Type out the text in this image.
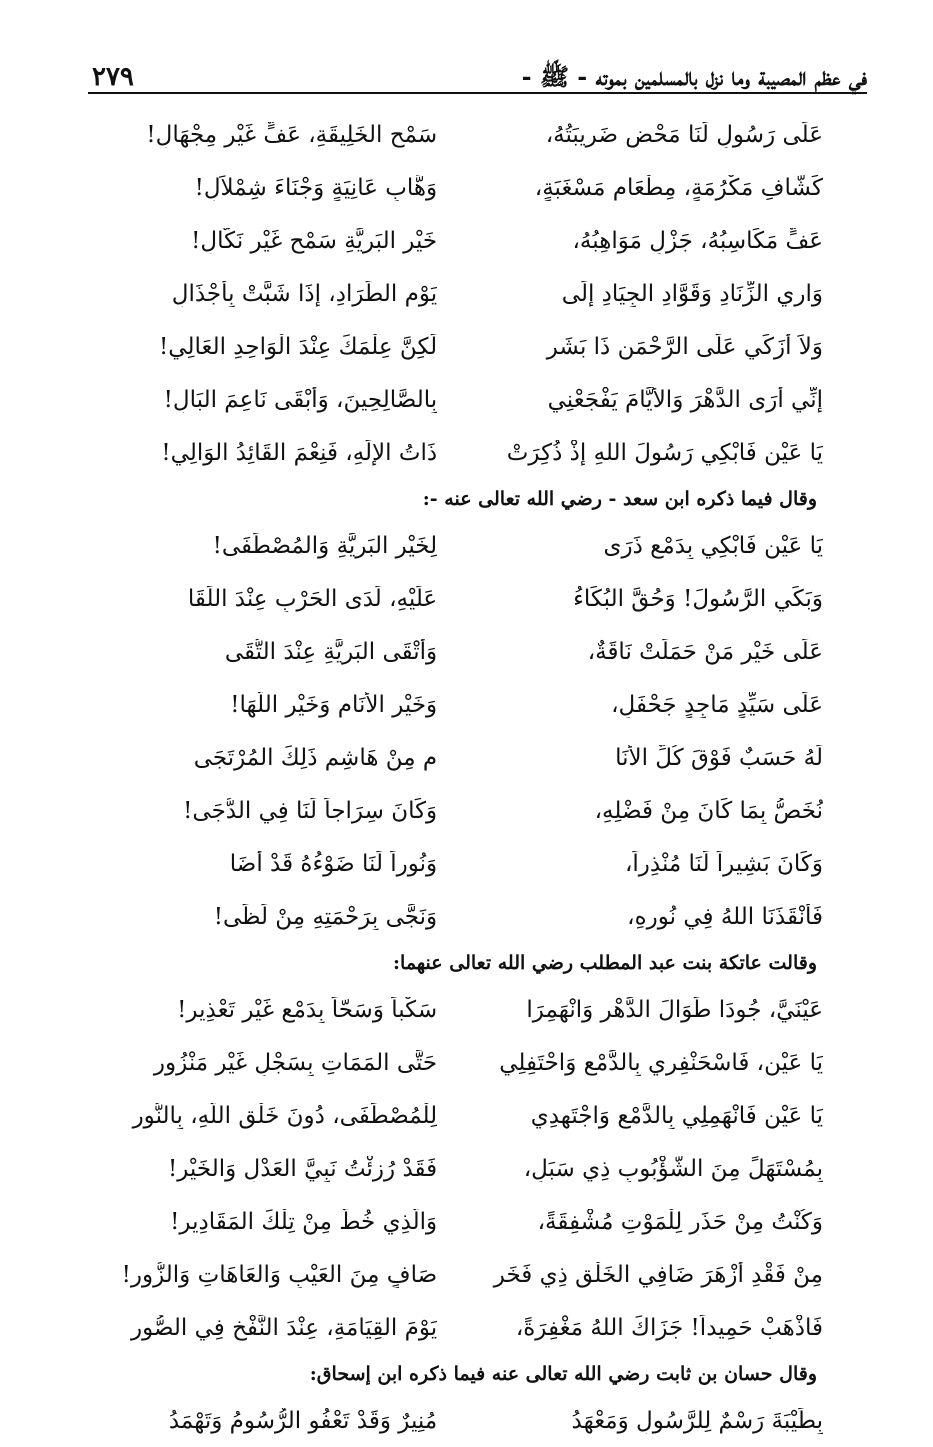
٢٧٩	في عظم المصيبة وما نزل بالمسلمين بموته - ﷺ -
عَلَى رَسُولٍ لَنَا مَحْضٍ ضَرِيبَتُهُ،
سَمْحِ الخَلِيقَةِ، عَفٍّ غَيْرِ مِجْهَالِ!
كَشَّافِ مَكْرُمَةٍ، مِطْعَامِ مَسْغَبَةٍ،
وَهَّابِ عَانِيَةٍ وَجْنَاءَ شِمْلاَلِ!
عَفٍّ مَكَاسِبُهُ، جَزْلٍ مَوَاهِبُهُ،
خَيْرِ البَرِيَّةِ سَمْحٍ غَيْرِ نَكَّالِ!
وَارِي الزِّنَادِ وَقَوَّادِ الجِيَادِ إِلَى
يَوْمِ الطِّرَادِ، إِذَا شَبَّتْ بِأَجْذَالِ
وَلاَ أُزَكِّي عَلَى الرَّحْمَنِ ذَا بَشَرٍ
لَكِنَّ عِلْمَكَ عِنْدَ الْوَاحِدِ العَالِي!
إِنِّي أَرَى الدَّهْرَ وَالأَيَّامَ يَفْجَعْنِي
بِالصَّالِحِينَ، وَأَبْقَى نَاعِمَ البَالِ!
يَا عَيْنِ فَابْكِي رَسُولَ اللهِ إِذْ ذُكِرَتْ
ذَاتُ الإِلَهِ، فَنِعْمَ القَائِدُ الوَالِي!
وقال فيما ذكره ابن سعد - رضي الله تعالى عنه -:
يَا عَيْنِ فَابْكِي بِدَمْعٍ ذَرَى
لِخَيْرِ البَرِيَّةِ وَالمُصْطَفَى!
وَبَكِّي الرَّسُولَ! وَحُقَّ البُكَاءُ
عَلَيْهِ، لَدَى الحَرْبِ عِنْدَ اللِّقَا
عَلَى خَيْرِ مَنْ حَمَلَتْ نَاقَةٌ،
وَأَتْقَى البَرِيَّةِ عِنْدَ التُّقَى
عَلَى سَيِّدٍ مَاجِدٍ جَحْفَلٍ،
وَخَيْرِ الأَنَامِ وَخَيْرِ اللُّهَا!
لَهُ حَسَبٌ فَوْقَ كُلِّ الأَنَا
مِ مِنْ هَاشِمٍ ذَلِكَ المُرْتَجَى
نُخَصُّ بِمَا كَانَ مِنْ فَضْلِهِ،
وَكَانَ سِرَاجاً لَنَا فِي الدُّجَى!
وَكَانَ بَشِيراً لَنَا مُنْذِراً،
وَنُوراً لَنَا ضَوْءُهُ قَدْ أَضَا
فَأَنْقَذَنَا اللهُ فِي نُورِهِ،
وَنَجَّى بِرَحْمَتِهِ مِنْ لَظَى!
وقالت عاتكة بنت عبد المطلب رضي الله تعالى عنهما:
عَيْنَيَّ، جُودَا طَوَالَ الدَّهْرِ وَانْهَمِرَا
سَكْباً وَسَحّاً بِدَمْعٍ غَيْرِ تَعْذِيرِ!
يَا عَيْنِ، فَاسْحَنْفِرِي بِالدَّمْعِ وَاحْتَفِلِي
حَتَّى المَمَاتِ بِسَجْلٍ غَيْرِ مَنْزُورِ
يَا عَيْنِ فَانْهَمِلِي بِالدَّمْعِ وَاجْتَهِدِي
لِلْمُصْطَفَى، دُونَ خَلْقِ اللَّهِ، بِالنُّورِ
بِمُسْتَهَلٍّ مِنَ الشُّؤْبُوبِ ذِي سَبَلٍ،
فَقَدْ رُزِئْتُ نَبِيَّ العَدْلِ وَالخَيْرِ!
وَكُنْتُ مِنْ حَذَرٍ لِلْمَوْتِ مُشْفِقَةً،
وَالَّذِي خُطَّ مِنْ تِلْكَ المَقَادِيرِ!
مِنْ فَقْدِ أَزْهَرَ ضَافِي الخَلْقِ ذِي فَخَرٍ
صَافٍ مِنَ العَيْبِ وَالعَاهَاتِ وَالزُّورِ!
فَاذْهَبْ حَمِيداً! جَزَاكَ اللهُ مَغْفِرَةً،
يَوْمَ القِيَامَةِ، عِنْدَ النَّفْخِ فِي الصُّورِ
وقال حسان بن ثابت رضي الله تعالى عنه فيما ذكره ابن إسحاق:
بِطَيْبَةَ رَسْمٌ لِلرَّسُولِ وَمَعْهَدُ
مُنِيرٌ وَقَدْ تَعْفُو الرُّسُومُ وَتَهْمَدُ
